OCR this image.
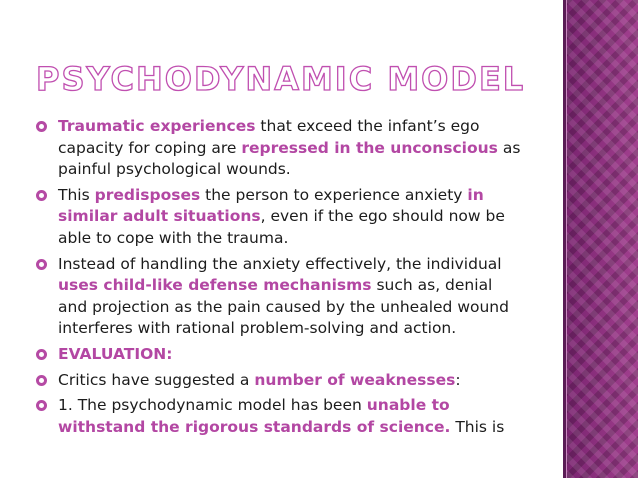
PSYCHODYNAMIC MODEL
Traumatic experiences that exceed the infant’s ego capacity for coping are repressed in the unconscious as painful psychological wounds.
This predisposes the person to experience anxiety in similar adult situations, even if the ego should now be able to cope with the trauma.
Instead of handling the anxiety effectively, the individual uses child-like defense mechanisms such as, denial and projection as the pain caused by the unhealed wound interferes with rational problem-solving and action.
EVALUATION:
Critics have suggested a number of weaknesses:
1. The psychodynamic model has been unable to withstand the rigorous standards of science. This is
